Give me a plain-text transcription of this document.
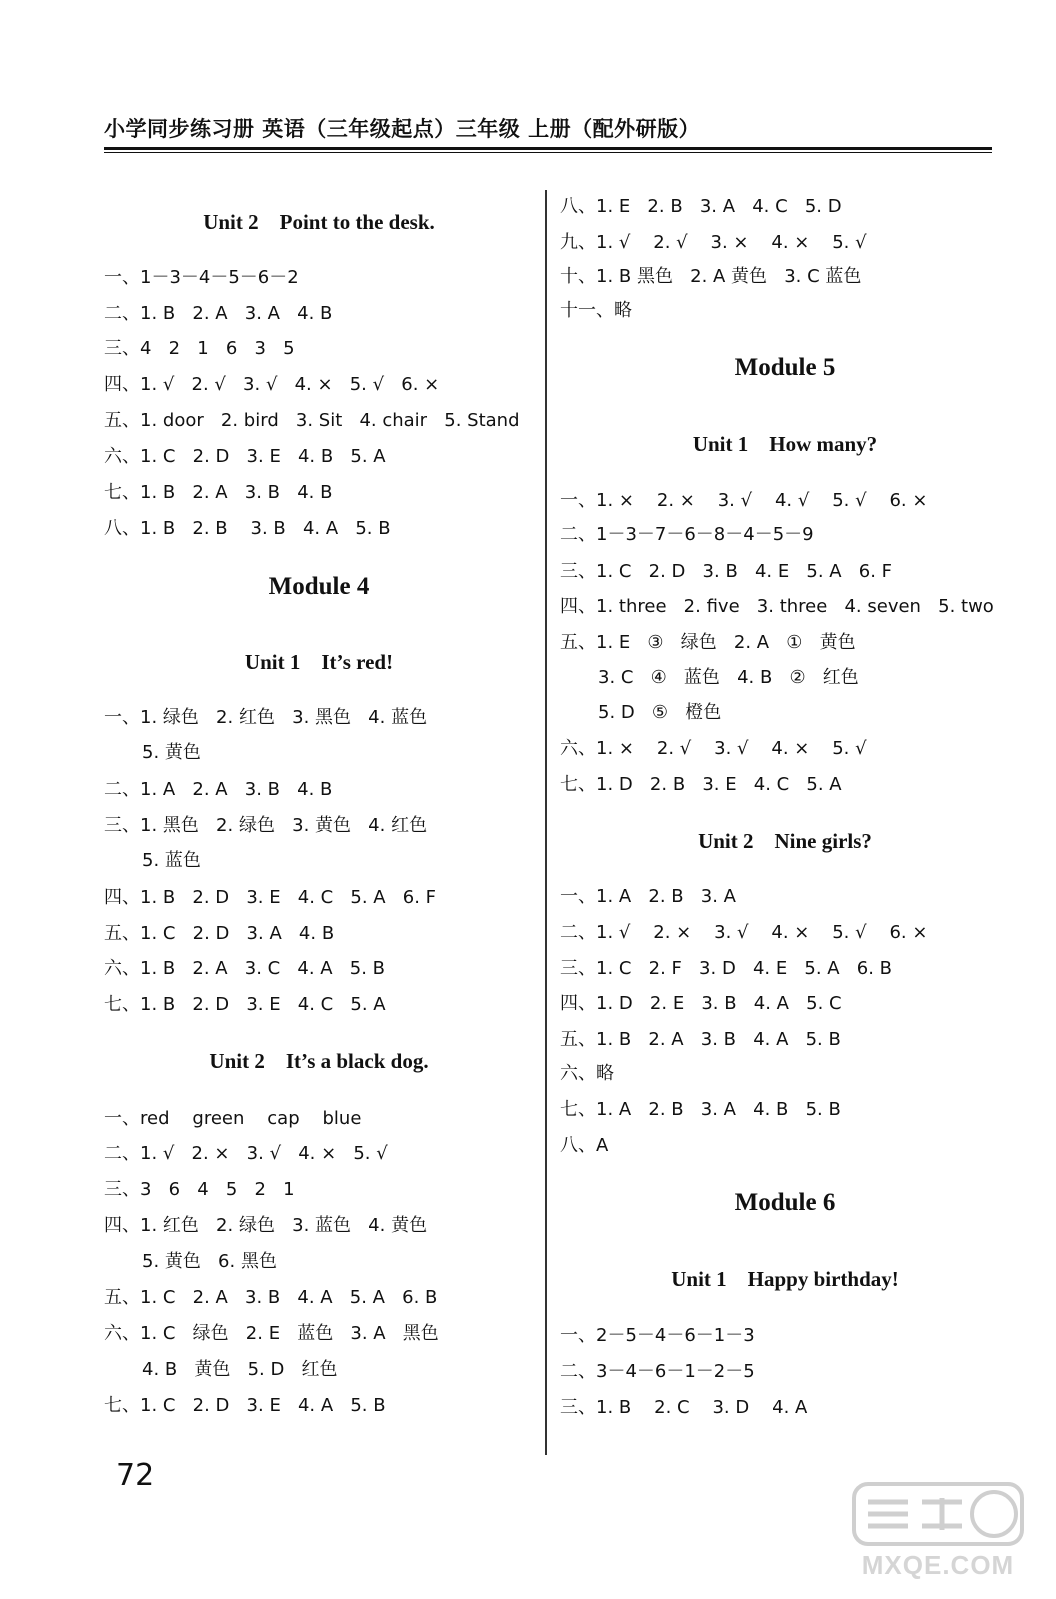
小学同步练习册 英语（三年级起点）三年级 上册（配外研版）
Unit 2    Point to the desk.
一、1－3－4－5－6－2
二、1. B   2. A   3. A   4. B
三、4   2   1   6   3   5
四、1. √   2. √   3. √   4. ×   5. √   6. ×
五、1. door   2. bird   3. Sit   4. chair   5. Stand
六、1. C   2. D   3. E   4. B   5. A
七、1. B   2. A   3. B   4. B
八、1. B   2. B    3. B   4. A   5. B
Module 4
Unit 1    It’s red!
一、1. 绿色   2. 红色   3. 黑色   4. 蓝色
5. 黄色
二、1. A   2. A   3. B   4. B
三、1. 黑色   2. 绿色   3. 黄色   4. 红色
5. 蓝色
四、1. B   2. D   3. E   4. C   5. A   6. F
五、1. C   2. D   3. A   4. B
六、1. B   2. A   3. C   4. A   5. B
七、1. B   2. D   3. E   4. C   5. A
Unit 2    It’s a black dog.
一、red    green    cap    blue
二、1. √   2. ×   3. √   4. ×   5. √
三、3   6   4   5   2   1
四、1. 红色   2. 绿色   3. 蓝色   4. 黄色
5. 黄色   6. 黑色
五、1. C   2. A   3. B   4. A   5. A   6. B
六、1. C   绿色   2. E   蓝色   3. A   黑色
4. B   黄色   5. D   红色
七、1. C   2. D   3. E   4. A   5. B
八、1. E   2. B   3. A   4. C   5. D
九、1. √    2. √    3. ×    4. ×    5. √
十、1. B 黑色   2. A 黄色   3. C 蓝色
十一、略
Module 5
Unit 1    How many?
一、1. ×    2. ×    3. √    4. √    5. √    6. ×
二、1－3－7－6－8－4－5－9
三、1. C   2. D   3. B   4. E   5. A   6. F
四、1. three   2. five   3. three   4. seven   5. two
五、1. E   ③   绿色   2. A   ①   黄色
3. C   ④   蓝色   4. B   ②   红色
5. D   ⑤   橙色
六、1. ×    2. √    3. √    4. ×    5. √
七、1. D   2. B   3. E   4. C   5. A
Unit 2    Nine girls?
一、1. A   2. B   3. A
二、1. √    2. ×    3. √    4. ×    5. √    6. ×
三、1. C   2. F   3. D   4. E   5. A   6. B
四、1. D   2. E   3. B   4. A   5. C
五、1. B   2. A   3. B   4. A   5. B
六、略
七、1. A   2. B   3. A   4. B   5. B
八、A
Module 6
Unit 1    Happy birthday!
一、2－5－4－6－1－3
二、3－4－6－1－2－5
三、1. B    2. C    3. D    4. A
72
MXQE.COM
